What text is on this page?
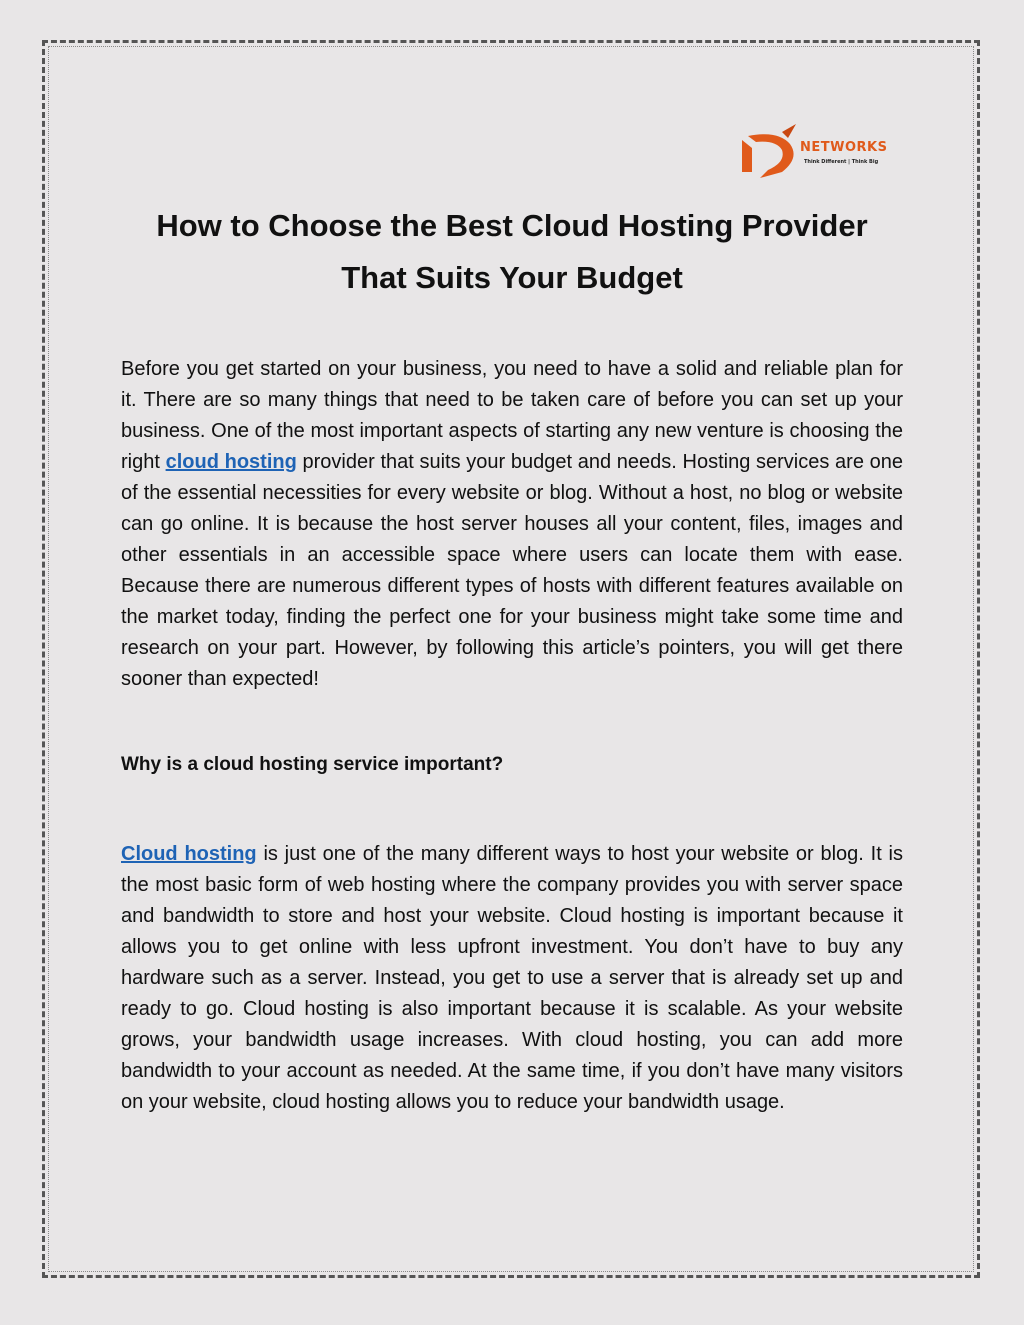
NETWORKS
Think Different | Think Big
How to Choose the Best Cloud Hosting Provider
That Suits Your Budget

Before you get started on your business, you need to have a solid and reliable plan for it. There are so many things that need to be taken care of before you can set up your business. One of the most important aspects of starting any new venture is choosing the right cloud hosting provider that suits your budget and needs. Hosting services are one of the essential necessities for every website or blog. Without a host, no blog or website can go online. It is because the host server houses all your content, files, images and other essentials in an accessible space where users can locate them with ease. Because there are numerous different types of hosts with different features available on the market today, finding the perfect one for your business might take some time and research on your part. However, by following this article’s pointers, you will get there sooner than expected!

Why is a cloud hosting service important?

Cloud hosting is just one of the many different ways to host your website or blog. It is the most basic form of web hosting where the company provides you with server space and bandwidth to store and host your website. Cloud hosting is important because it allows you to get online with less upfront investment. You don’t have to buy any hardware such as a server. Instead, you get to use a server that is already set up and ready to go. Cloud hosting is also important because it is scalable. As your website grows, your bandwidth usage increases. With cloud hosting, you can add more bandwidth to your account as needed. At the same time, if you don’t have many visitors on your website, cloud hosting allows you to reduce your bandwidth usage.
